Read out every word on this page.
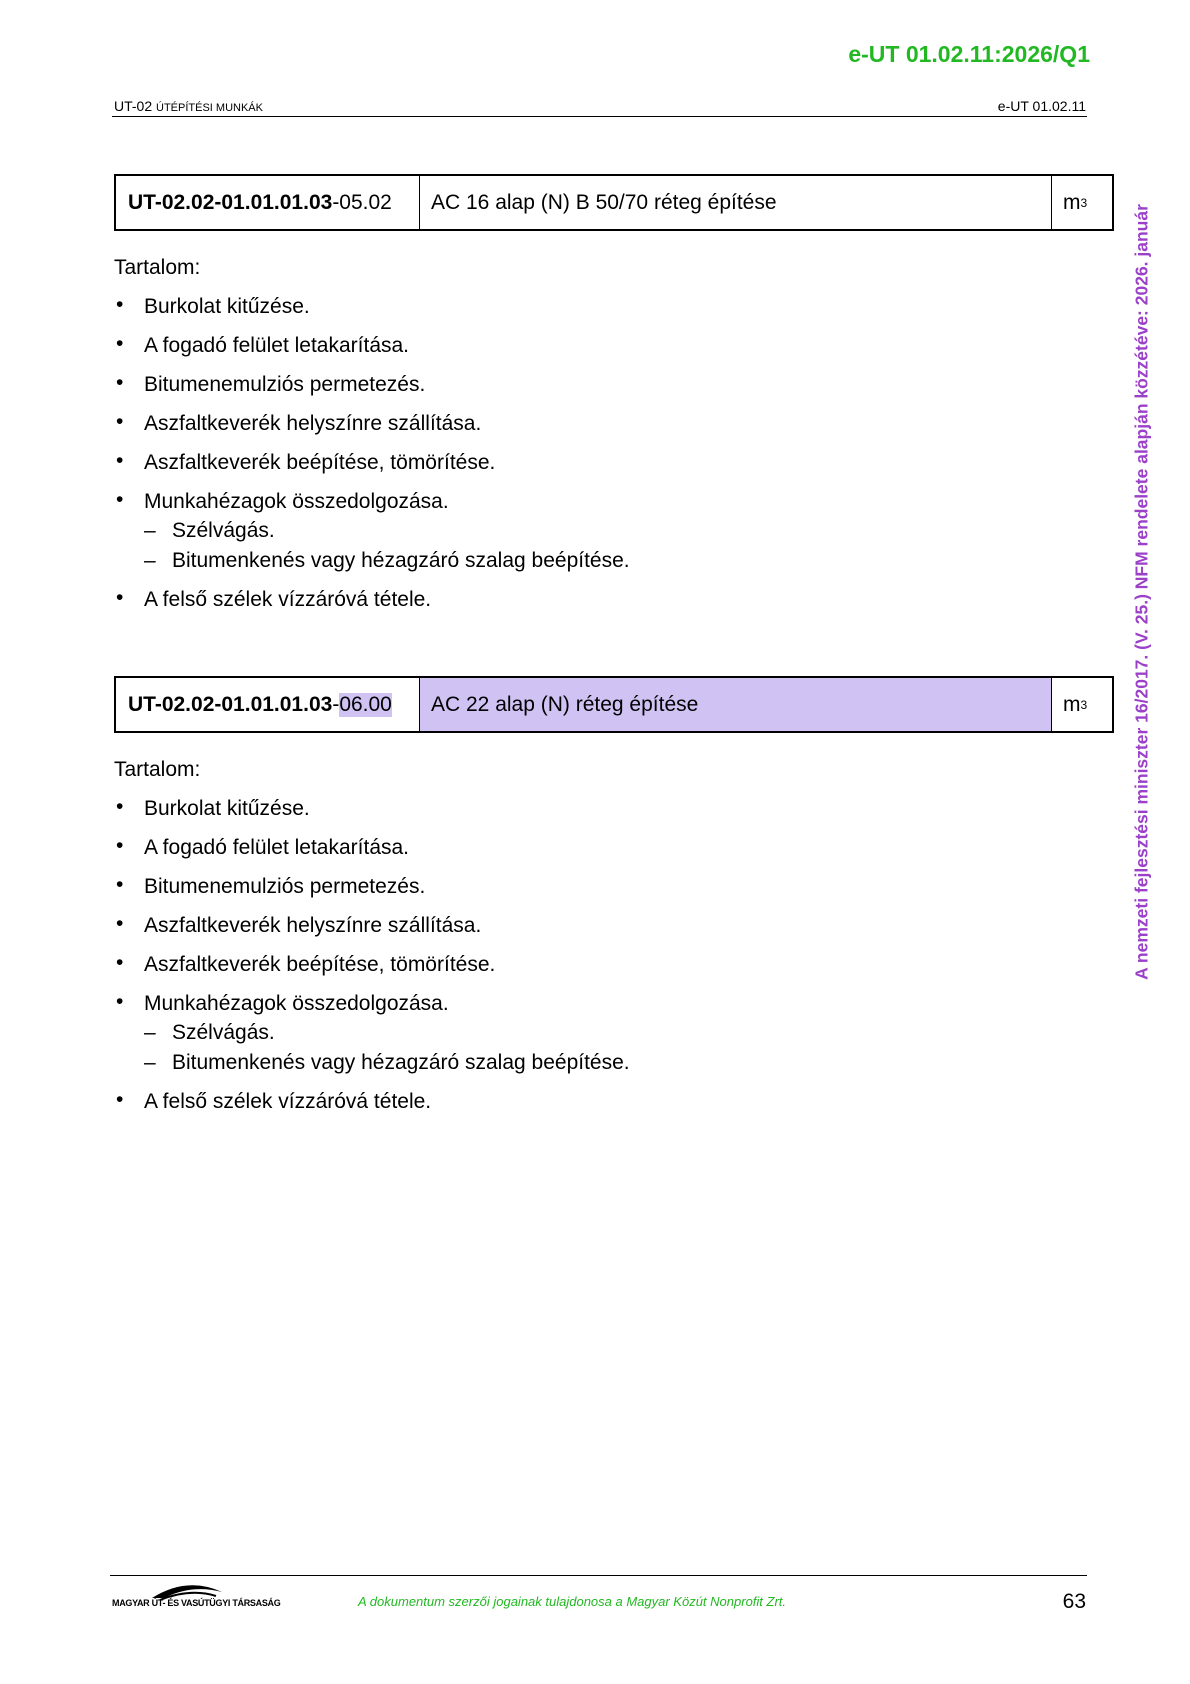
e-UT 01.02.11:2026/Q1
UT-02 ÚTÉPÍTÉSI MUNKÁK	e-UT 01.02.11
A nemzeti fejlesztési miniszter 16/2017. (V. 25.) NFM rendelete alapján közzétéve: 2026. január
UT-02.02-01.01.01.03 -05.02	AC 16 alap (N) B 50/70 réteg építése	m 3
Tartalom:
• Burkolat kitűzése.
• A fogadó felület letakarítása.
• Bitumenemulziós permetezés.
• Aszfaltkeverék helyszínre szállítása.
• Aszfaltkeverék beépítése, tömörítése.
• Munkahézagok összedolgozása.
– Szélvágás.
– Bitumenkenés vagy hézagzáró szalag beépítése.
• A felső szélek vízzáróvá tétele.
UT-02.02-01.01.01.03 - 06.00	AC 22 alap (N) réteg építése	m 3
Tartalom:
• Burkolat kitűzése.
• A fogadó felület letakarítása.
• Bitumenemulziós permetezés.
• Aszfaltkeverék helyszínre szállítása.
• Aszfaltkeverék beépítése, tömörítése.
• Munkahézagok összedolgozása.
– Szélvágás.
– Bitumenkenés vagy hézagzáró szalag beépítése.
• A felső szélek vízzáróvá tétele.
MAGYAR ÚT- ÉS VASÚTÜGYI TÁRSASÁG	A dokumentum szerzői jogainak tulajdonosa a Magyar Közút Nonprofit Zrt.	63
